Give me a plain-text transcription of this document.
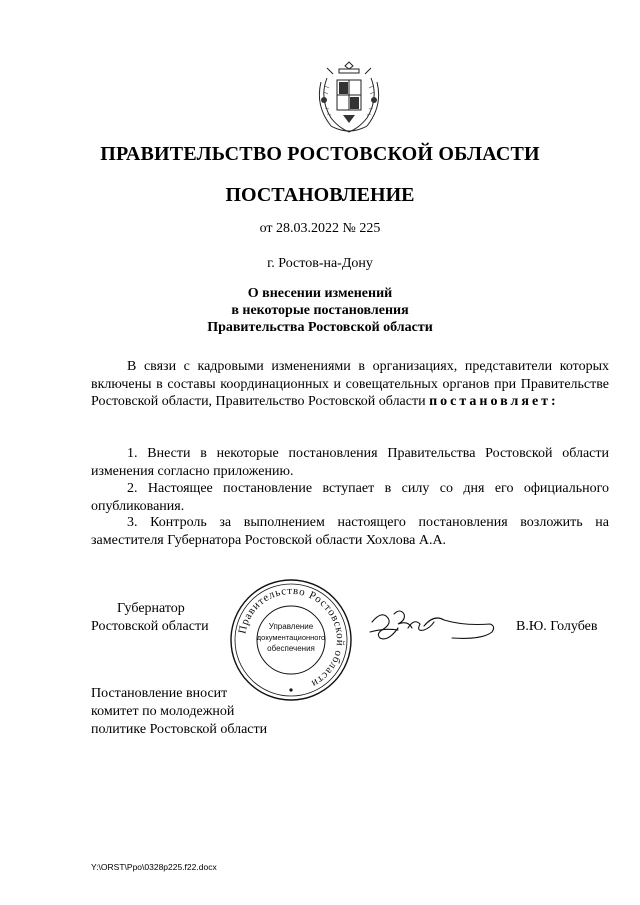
ПРАВИТЕЛЬСТВО РОСТОВСКОЙ ОБЛАСТИ
ПОСТАНОВЛЕНИЕ
от 28.03.2022 № 225
г. Ростов-на-Дону
О внесении изменений
в некоторые постановления
Правительства Ростовской области
В связи с кадровыми изменениями в организациях, представители которых включены в составы координационных и совещательных органов при Правительстве Ростовской области, Правительство Ростовской области постановляет:
1. Внести в некоторые постановления Правительства Ростовской области изменения согласно приложению.
2. Настоящее постановление вступает в силу со дня его официального опубликования.
3. Контроль за выполнением настоящего постановления возложить на заместителя Губернатора Ростовской области Хохлова А.А.
Губернатор
Ростовской области	Правительство Ростовской области
Управление
документационного
обеспечения
В.Ю. Голубев
Постановление вносит
комитет по молодежной
политике Ростовской области
Y:\ORST\Ppo\0328p225.f22.docx
